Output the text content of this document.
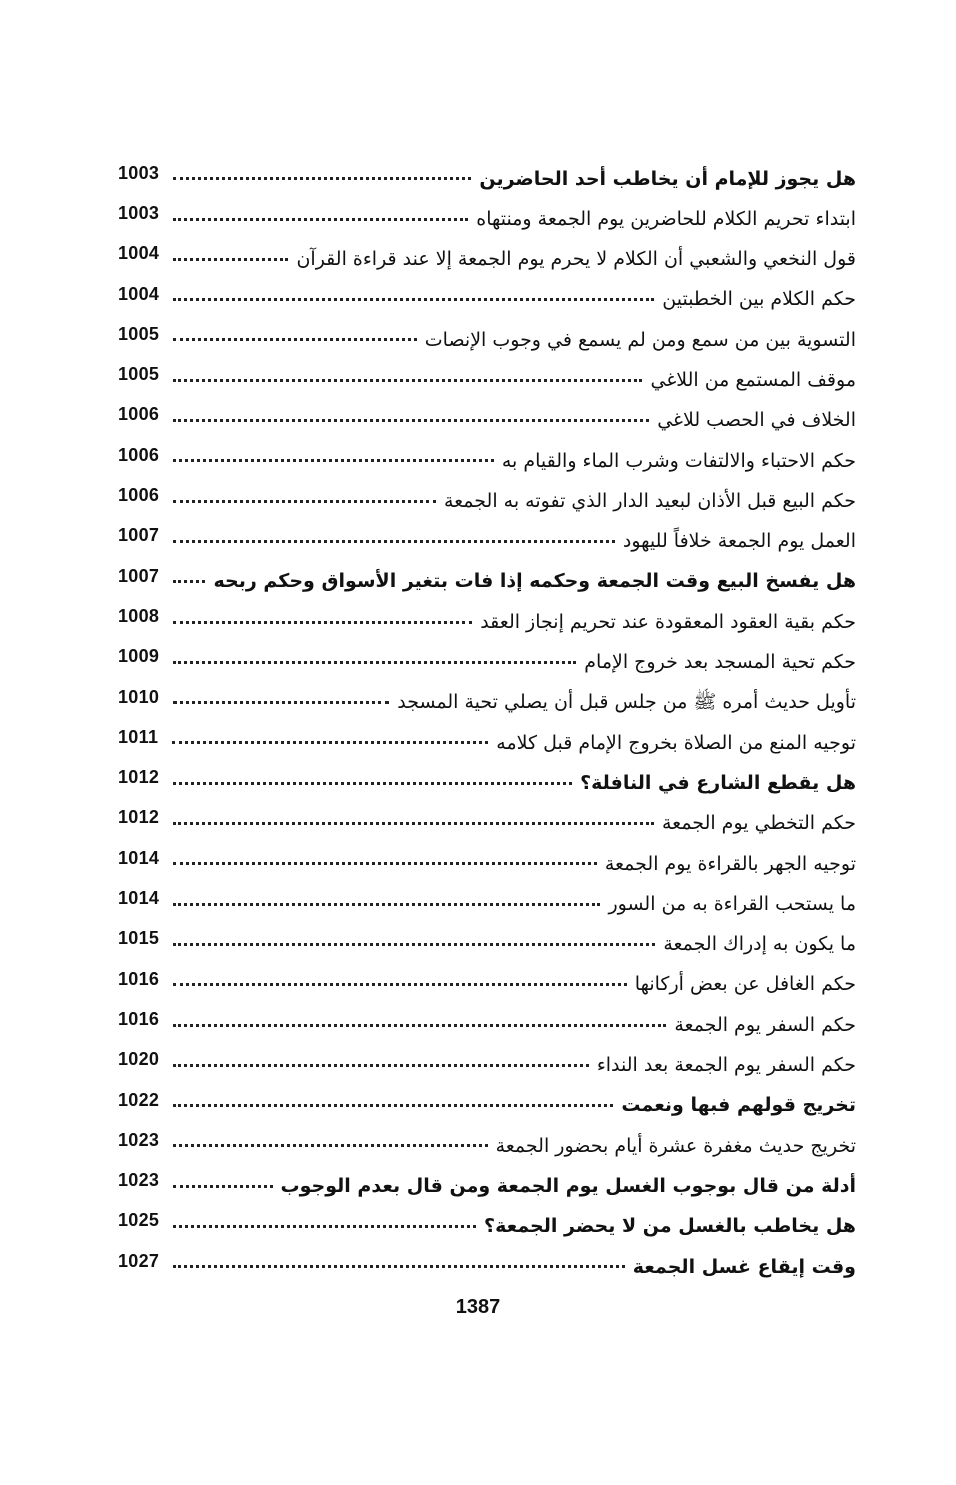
1003	هل يجوز للإمام أن يخاطب أحد الحاضرين
1003	ابتداء تحريم الكلام للحاضرين يوم الجمعة ومنتهاه
1004	قول النخعي والشعبي أن الكلام لا يحرم يوم الجمعة إلا عند قراءة القرآن
1004	حكم الكلام بين الخطبتين
1005	التسوية بين من سمع ومن لم يسمع في وجوب الإنصات
1005	موقف المستمع من اللاغي
1006	الخلاف في الحصب للاغي
1006	حكم الاحتباء والالتفات وشرب الماء والقيام به
1006	حكم البيع قبل الأذان لبعيد الدار الذي تفوته به الجمعة
1007	العمل يوم الجمعة خلافاً لليهود
1007	هل يفسخ البيع وقت الجمعة وحكمه إذا فات بتغير الأسواق وحكم ربحه
1008	حكم بقية العقود المعقودة عند تحريم إنجاز العقد
1009	حكم تحية المسجد بعد خروج الإمام
1010	تأويل حديث أمره ﷺ من جلس قبل أن يصلي تحية المسجد
1011	توجيه المنع من الصلاة بخروج الإمام قبل كلامه
1012	هل يقطع الشارع في النافلة؟
1012	حكم التخطي يوم الجمعة
1014	توجيه الجهر بالقراءة يوم الجمعة
1014	ما يستحب القراءة به من السور
1015	ما يكون به إدراك الجمعة
1016	حكم الغافل عن بعض أركانها
1016	حكم السفر يوم الجمعة
1020	حكم السفر يوم الجمعة بعد النداء
1022	تخريج قولهم فبها ونعمت
1023	تخريج حديث مغفرة عشرة أيام بحضور الجمعة
1023	أدلة من قال بوجوب الغسل يوم الجمعة ومن قال بعدم الوجوب
1025	هل يخاطب بالغسل من لا يحضر الجمعة؟
1027	وقت إيقاع غسل الجمعة
1387
